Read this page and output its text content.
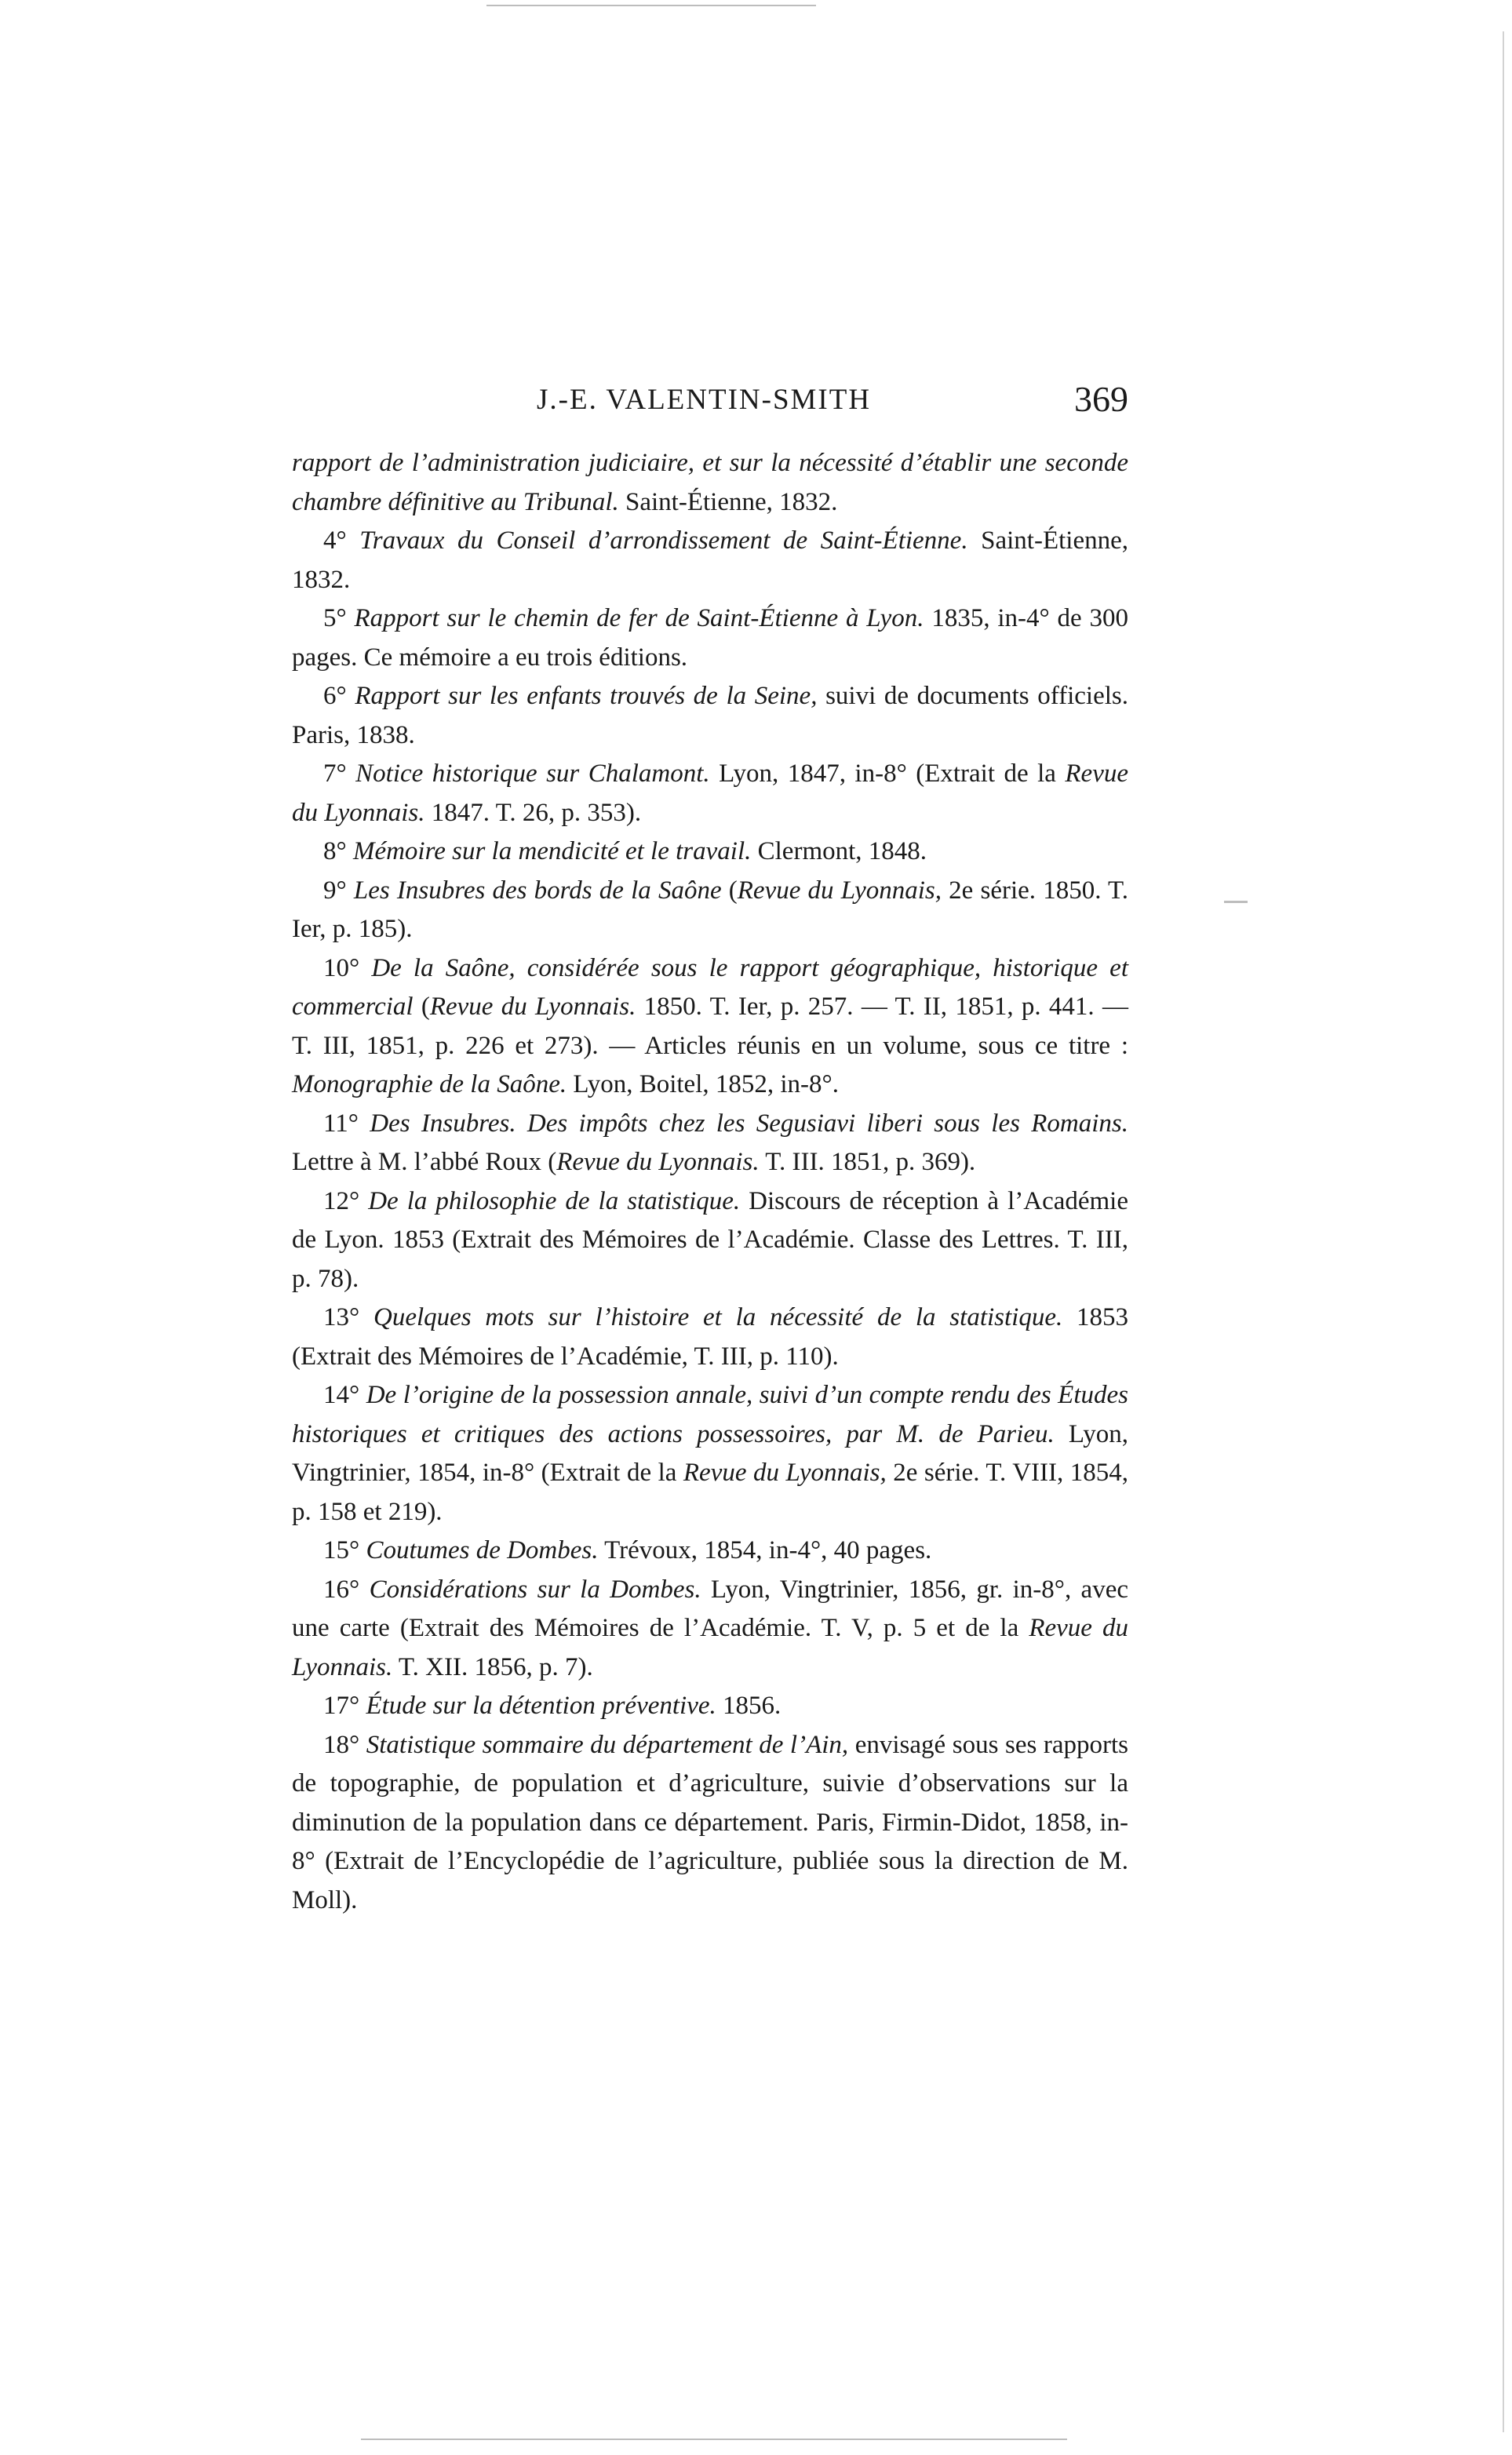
J.-E. VALENTIN-SMITH	369

rapport de l’administration judiciaire, et sur la nécessité d’établir une seconde chambre définitive au Tribunal. Saint-Étienne, 1832.

4° Travaux du Conseil d’arrondissement de Saint-Étienne. Saint-Étienne, 1832.

5° Rapport sur le chemin de fer de Saint-Étienne à Lyon. 1835, in-4° de 300 pages. Ce mémoire a eu trois éditions.

6° Rapport sur les enfants trouvés de la Seine, suivi de documents officiels. Paris, 1838.

7° Notice historique sur Chalamont. Lyon, 1847, in-8° (Extrait de la Revue du Lyonnais. 1847. T. 26, p. 353).

8° Mémoire sur la mendicité et le travail. Clermont, 1848.

9° Les Insubres des bords de la Saône (Revue du Lyonnais, 2e série. 1850. T. Ier, p. 185).

10° De la Saône, considérée sous le rapport géographique, historique et commercial (Revue du Lyonnais. 1850. T. Ier, p. 257. — T. II, 1851, p. 441. — T. III, 1851, p. 226 et 273). — Articles réunis en un volume, sous ce titre : Monographie de la Saône. Lyon, Boitel, 1852, in-8°.

11° Des Insubres. Des impôts chez les Segusiavi liberi sous les Romains. Lettre à M. l’abbé Roux (Revue du Lyonnais. T. III. 1851, p. 369).

12° De la philosophie de la statistique. Discours de réception à l’Académie de Lyon. 1853 (Extrait des Mémoires de l’Académie. Classe des Lettres. T. III, p. 78).

13° Quelques mots sur l’histoire et la nécessité de la statistique. 1853 (Extrait des Mémoires de l’Académie, T. III, p. 110).

14° De l’origine de la possession annale, suivi d’un compte rendu des Études historiques et critiques des actions possessoires, par M. de Parieu. Lyon, Vingtrinier, 1854, in-8° (Extrait de la Revue du Lyonnais, 2e série. T. VIII, 1854, p. 158 et 219).

15° Coutumes de Dombes. Trévoux, 1854, in-4°, 40 pages.

16° Considérations sur la Dombes. Lyon, Vingtrinier, 1856, gr. in-8°, avec une carte (Extrait des Mémoires de l’Académie. T. V, p. 5 et de la Revue du Lyonnais. T. XII. 1856, p. 7).

17° Étude sur la détention préventive. 1856.

18° Statistique sommaire du département de l’Ain, envisagé sous ses rapports de topographie, de population et d’agriculture, suivie d’observations sur la diminution de la population dans ce département. Paris, Firmin-Didot, 1858, in-8° (Extrait de l’Encyclopédie de l’agriculture, publiée sous la direction de M. Moll).
